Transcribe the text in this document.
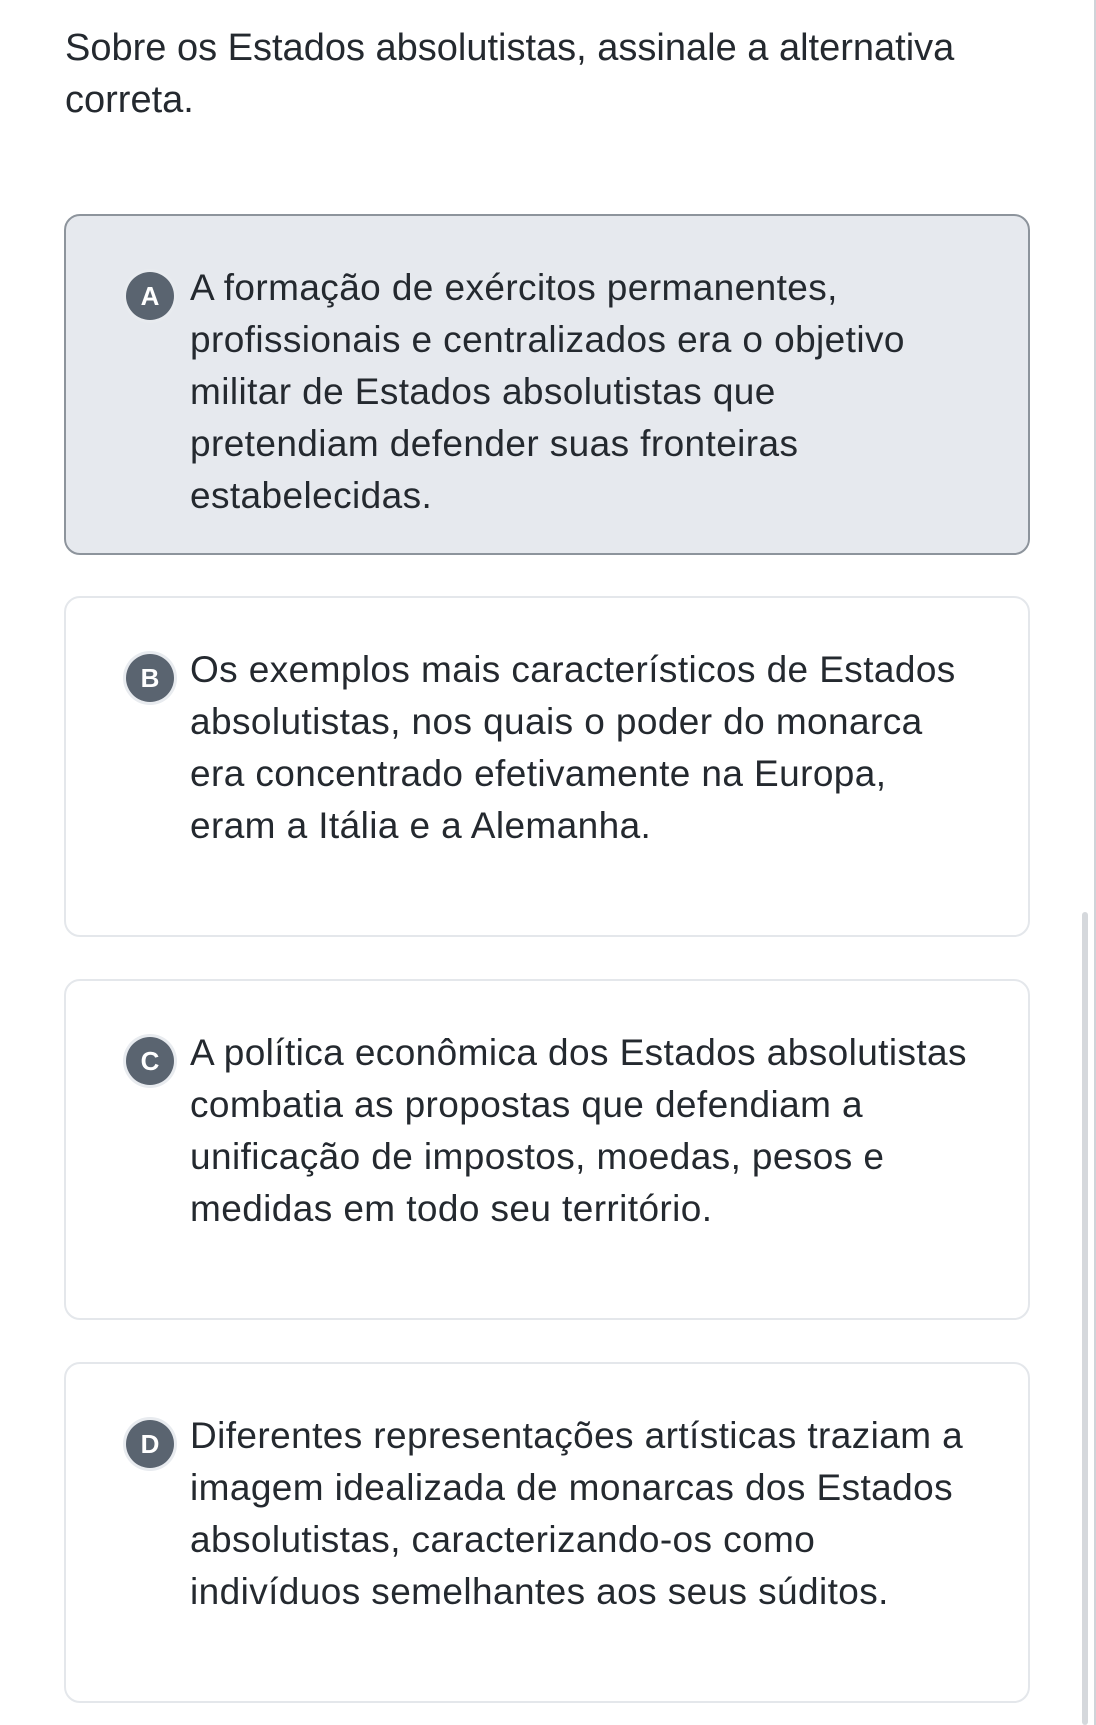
Sobre os Estados absolutistas, assinale a alternativa correta.

A A formação de exércitos permanentes, profissionais e centralizados era o objetivo militar de Estados absolutistas que pretendiam defender suas fronteiras estabelecidas.

B Os exemplos mais característicos de Estados absolutistas, nos quais o poder do monarca era concentrado efetivamente na Europa, eram a Itália e a Alemanha.

C A política econômica dos Estados absolutistas combatia as propostas que defendiam a unificação de impostos, moedas, pesos e medidas em todo seu território.

D Diferentes representações artísticas traziam a imagem idealizada de monarcas dos Estados absolutistas, caracterizando-os como indivíduos semelhantes aos seus súditos.
